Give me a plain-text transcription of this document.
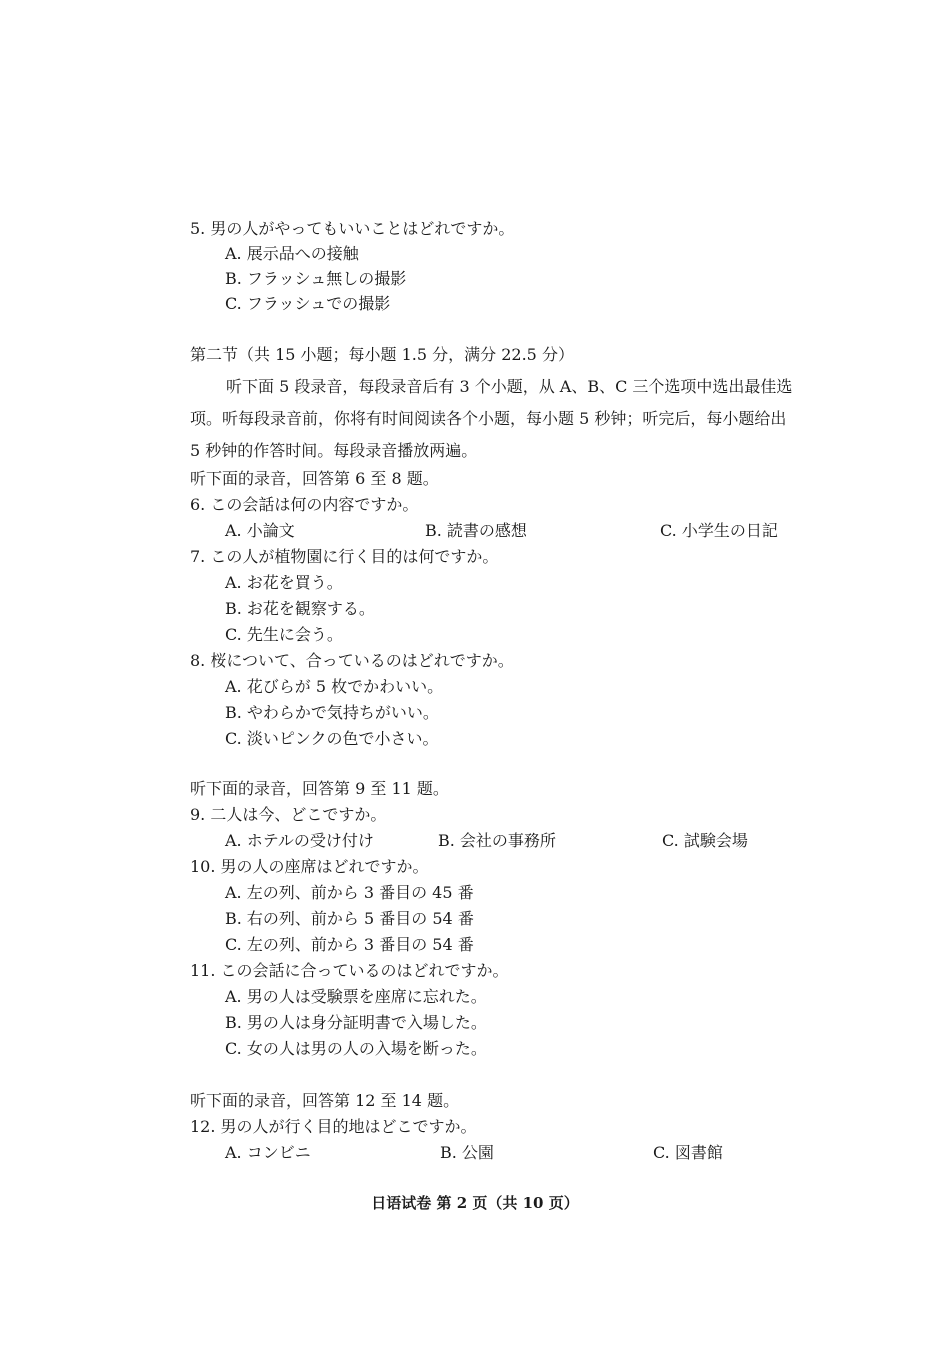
5. 男の人がやってもいいことはどれですか。
A. 展示品への接触
B. フラッシュ無しの撮影
C. フラッシュでの撮影
第二节（共 15 小题；每小题 1.5 分，满分 22.5 分）
听下面 5 段录音，每段录音后有 3 个小题，从 A、B、C 三个选项中选出最佳选
项。听每段录音前，你将有时间阅读各个小题，每小题 5 秒钟；听完后，每小题给出
5 秒钟的作答时间。每段录音播放两遍。
听下面的录音，回答第 6 至 8 题。
6. この会話は何の内容ですか。
A. 小論文	B. 読書の感想	C. 小学生の日記
7. この人が植物園に行く目的は何ですか。
A. お花を買う。
B. お花を観察する。
C. 先生に会う。
8. 桜について、合っているのはどれですか。
A. 花びらが 5 枚でかわいい。
B. やわらかで気持ちがいい。
C. 淡いピンクの色で小さい。
听下面的录音，回答第 9 至 11 题。
9. 二人は今、どこですか。
A. ホテルの受け付け	B. 会社の事務所	C. 試験会場
10. 男の人の座席はどれですか。
A. 左の列、前から 3 番目の 45 番
B. 右の列、前から 5 番目の 54 番
C. 左の列、前から 3 番目の 54 番
11. この会話に合っているのはどれですか。
A. 男の人は受験票を座席に忘れた。
B. 男の人は身分証明書で入場した。
C. 女の人は男の人の入場を断った。
听下面的录音，回答第 12 至 14 题。
12. 男の人が行く目的地はどこですか。
A. コンビニ	B. 公園	C. 図書館
日语试卷 第 2 页（共 10 页）
